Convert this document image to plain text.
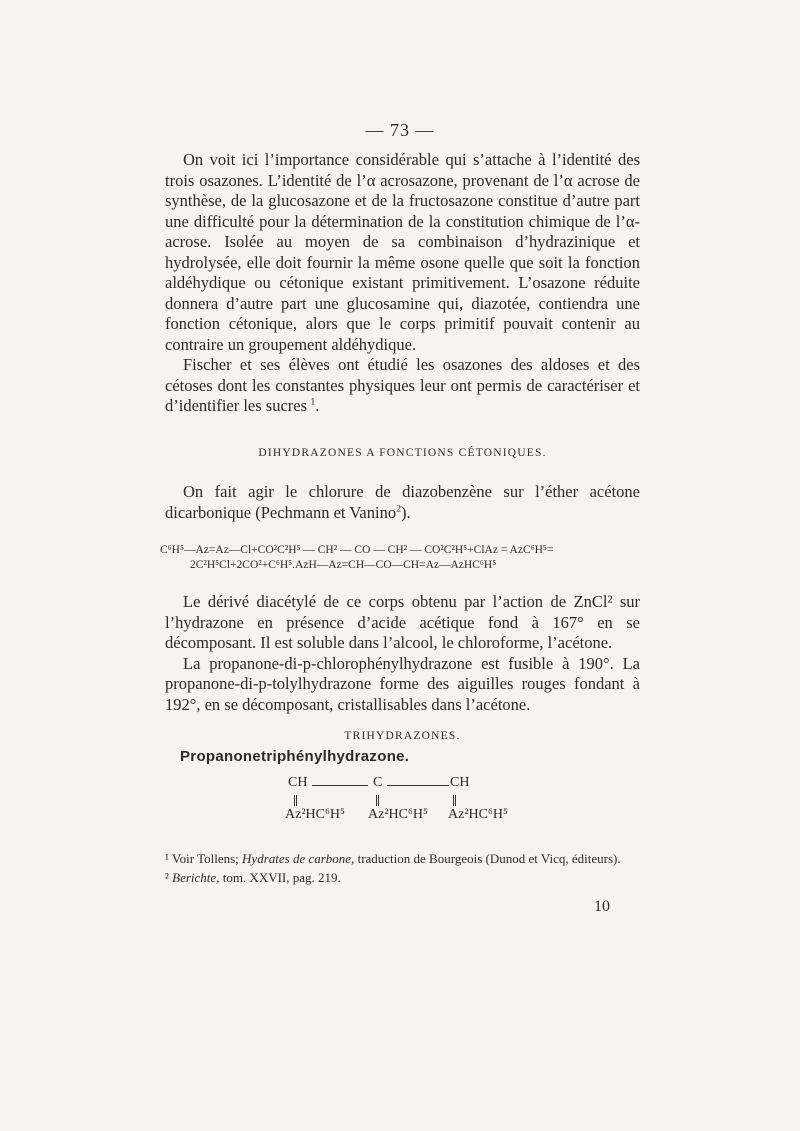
— 73 —

On voit ici l’importance considérable qui s’attache à l’identité des trois osazones. L’identité de l’α acrosazone, provenant de l’α acrose de synthèse, de la glucosazone et de la fructosazone constitue d’autre part une difficulté pour la détermination de la constitution chimique de l’α-acrose. Isolée au moyen de sa combinaison d’hydrazinique et hydrolysée, elle doit fournir la même osone quelle que soit la fonction aldéhydique ou cétonique existant primitivement. L’osazone réduite donnera d’autre part une glucosamine qui, diazotée, contiendra une fonction cétonique, alors que le corps primitif pouvait contenir au contraire un groupement aldéhydique.

Fischer et ses élèves ont étudié les osazones des aldoses et des cétoses dont les constantes physiques leur ont permis de caractériser et d’identifier les sucres  $^1$.

DIHYDRAZONES A FONCTIONS CÉTONIQUES.

On fait agir le chlorure de diazobenzène sur l’éther acétone dicarbonique (Pechmann et Vanino$^2$).

C⁶H⁵—Az=Az—Cl+CO²C²H⁵ — CH² — CO — CH² — CO²C²H⁵+ClAz = AzC⁶H⁵=
2C²H⁵Cl+2CO²+C⁶H⁵.AzH—Az=CH—CO—CH=Az—AzHC⁶H⁵

Le dérivé diacétylé de ce corps obtenu par l’action de ZnCl² sur l’hydrazone en présence d’acide acétique fond à 167° en se décomposant. Il est soluble dans l’alcool, le chloroforme, l’acétone.

La propanone-di-p-chlorophénylhydrazone est fusible à 190°. La propanone-di-p-tolylhydrazone forme des aiguilles rouges fondant à 192°, en se décomposant, cristallisables dans l’acétone.

TRIHYDRAZONES.
Propanonetriphénylhydrazone.
CH	C	CH
Az²HC⁶H⁵ Az²HC⁶H⁵ Az²HC⁶H⁵

¹ Voir Tollens; Hydrates de carbone, traduction de Bourgeois (Dunod et Vicq, éditeurs).

² Berichte, tom. XXVII, pag. 219.

10
